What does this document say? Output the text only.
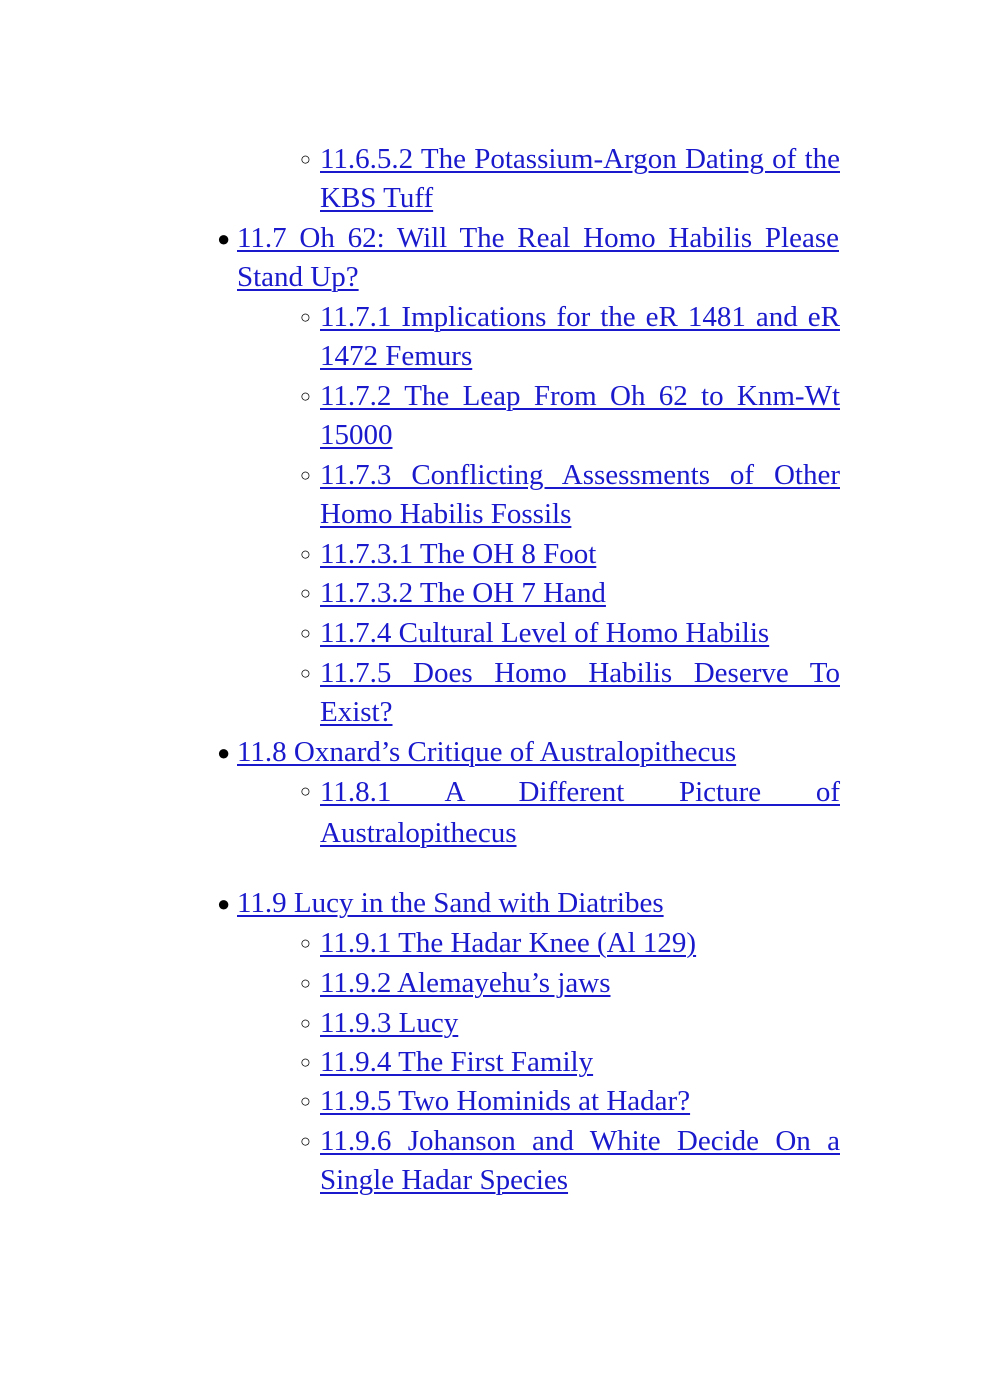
○ 11.6.5.2 The Potassium-Argon Dating of the KBS Tuff
● 11.7 Oh 62: Will The Real Homo Habilis Please Stand Up?
○ 11.7.1 Implications for the eR 1481 and eR 1472 Femurs
○ 11.7.2 The Leap From Oh 62 to Knm-Wt 15000
○ 11.7.3 Conflicting Assessments of Other Homo Habilis Fossils
○ 11.7.3.1 The OH 8 Foot
○ 11.7.3.2 The OH 7 Hand
○ 11.7.4 Cultural Level of Homo Habilis
○ 11.7.5 Does Homo Habilis Deserve To Exist?
● 11.8 Oxnard’s Critique of Australopithecus
○ 11.8.1 A Different Picture of Australopithecus
● 11.9 Lucy in the Sand with Diatribes
○ 11.9.1 The Hadar Knee (Al 129)
○ 11.9.2 Alemayehu’s jaws
○ 11.9.3 Lucy
○ 11.9.4 The First Family
○ 11.9.5 Two Hominids at Hadar?
○ 11.9.6 Johanson and White Decide On a Single Hadar Species
